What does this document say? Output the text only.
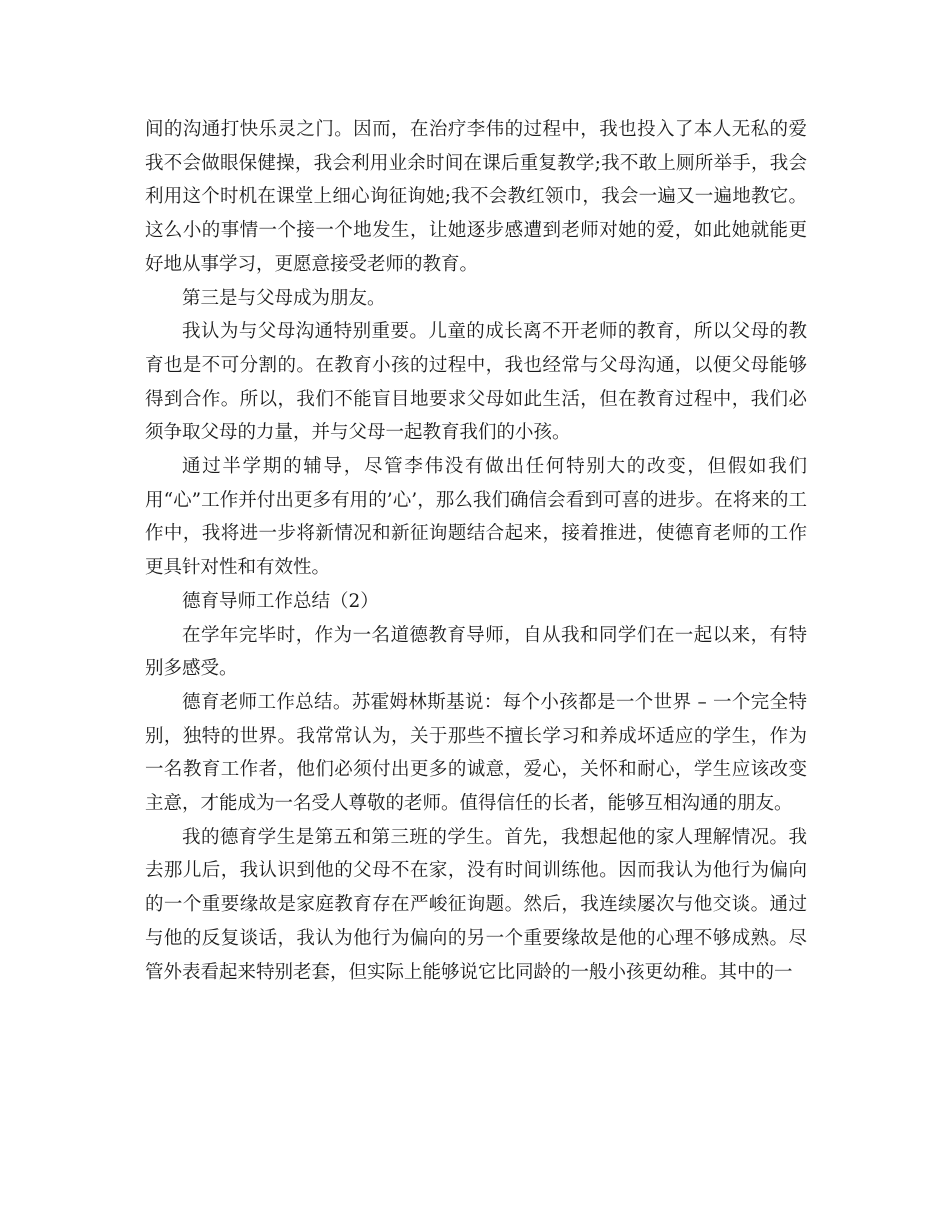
间的沟通打快乐灵之门。因而，在治疗李伟的过程中，我也投入了本人无私的爱我不会做眼保健操，我会利用业余时间在课后重复教学;我不敢上厕所举手，我会利用这个时机在课堂上细心询征询她;我不会教红领巾，我会一遍又一遍地教它。这么小的事情一个接一个地发生，让她逐步感遭到老师对她的爱，如此她就能更好地从事学习，更愿意接受老师的教育。

第三是与父母成为朋友。

我认为与父母沟通特别重要。儿童的成长离不开老师的教育，所以父母的教育也是不可分割的。在教育小孩的过程中，我也经常与父母沟通，以便父母能够得到合作。所以，我们不能盲目地要求父母如此生活，但在教育过程中，我们必须争取父母的力量，并与父母一起教育我们的小孩。

通过半学期的辅导，尽管李伟没有做出任何特别大的改变，但假如我们用“心”工作并付出更多有用的’心’，那么我们确信会看到可喜的进步。在将来的工作中，我将进一步将新情况和新征询题结合起来，接着推进，使德育老师的工作更具针对性和有效性。

德育导师工作总结（2）

在学年完毕时，作为一名道德教育导师，自从我和同学们在一起以来，有特别多感受。

德育老师工作总结。苏霍姆林斯基说：每个小孩都是一个世界 – 一个完全特别，独特的世界。我常常认为，关于那些不擅长学习和养成坏适应的学生，作为一名教育工作者，他们必须付出更多的诚意，爱心，关怀和耐心，学生应该改变主意，才能成为一名受人尊敬的老师。值得信任的长者，能够互相沟通的朋友。

我的德育学生是第五和第三班的学生。首先，我想起他的家人理解情况。我去那儿后，我认识到他的父母不在家，没有时间训练他。因而我认为他行为偏向的一个重要缘故是家庭教育存在严峻征询题。然后，我连续屡次与他交谈。通过与他的反复谈话，我认为他行为偏向的另一个重要缘故是他的心理不够成熟。尽管外表看起来特别老套，但实际上能够说它比同龄的一般小孩更幼稚。其中的一
